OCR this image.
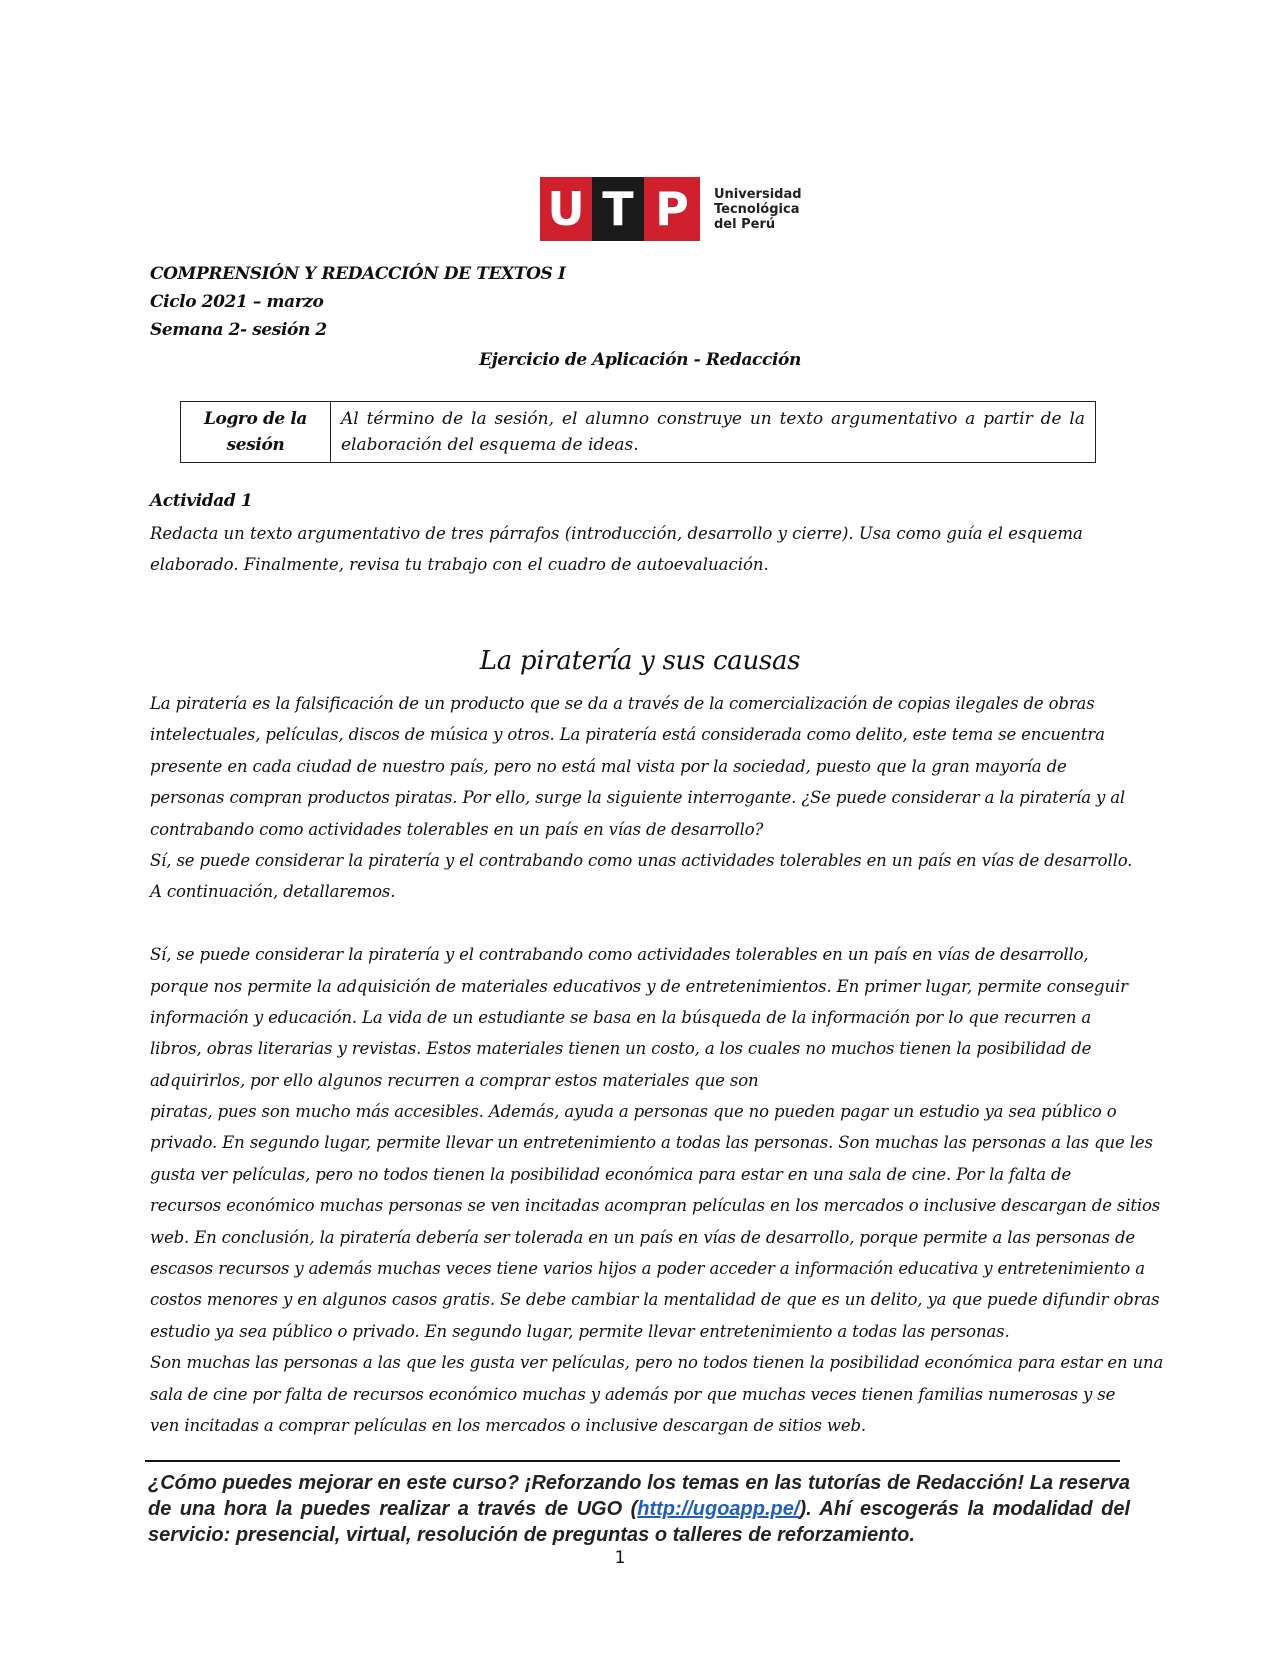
U T P	Universidad
Tecnológica
del Perú
COMPRENSIÓN Y REDACCIÓN DE TEXTOS I
Ciclo 2021 – marzo
Semana 2- sesión 2
Ejercicio de Aplicación - Redacción
Logro de la sesión	Al término de la sesión, el alumno construye un texto argumentativo a partir de la elaboración del esquema de ideas.
Actividad 1
Redacta un texto argumentativo de tres párrafos (introducción, desarrollo y cierre). Usa como guía el esquema elaborado. Finalmente, revisa tu trabajo con el cuadro de autoevaluación.
La piratería y sus causas
La piratería es la falsificación de un producto que se da a través de la comercialización de copias ilegales de obras
intelectuales, películas, discos de música y otros. La piratería está considerada como delito, este tema se encuentra
presente en cada ciudad de nuestro país, pero no está mal vista por la sociedad, puesto que la gran mayoría de
personas compran productos piratas. Por ello, surge la siguiente interrogante. ¿Se puede considerar a la piratería y al
contrabando como actividades tolerables en un país en vías de desarrollo?
Sí, se puede considerar la piratería y el contrabando como unas actividades tolerables en un país en vías de desarrollo.
A continuación, detallaremos.
Sí, se puede considerar la piratería y el contrabando como actividades tolerables en un país en vías de desarrollo,
porque nos permite la adquisición de materiales educativos y de entretenimientos. En primer lugar, permite conseguir
información y educación. La vida de un estudiante se basa en la búsqueda de la información por lo que recurren a
libros, obras literarias y revistas. Estos materiales tienen un costo, a los cuales no muchos tienen la posibilidad de
adquirirlos, por ello algunos recurren a comprar estos materiales que son
piratas, pues son mucho más accesibles. Además, ayuda a personas que no pueden pagar un estudio ya sea público o
privado. En segundo lugar, permite llevar un entretenimiento a todas las personas. Son muchas las personas a las que les
gusta ver películas, pero no todos tienen la posibilidad económica para estar en una sala de cine. Por la falta de
recursos económico muchas personas se ven incitadas acompran películas en los mercados o inclusive descargan de sitios
web. En conclusión, la piratería debería ser tolerada en un país en vías de desarrollo, porque permite a las personas de
escasos recursos y además muchas veces tiene varios hijos a poder acceder a información educativa y entretenimiento a
costos menores y en algunos casos gratis. Se debe cambiar la mentalidad de que es un delito, ya que puede difundir obras
estudio ya sea público o privado. En segundo lugar, permite llevar entretenimiento a todas las personas.
Son muchas las personas a las que les gusta ver películas, pero no todos tienen la posibilidad económica para estar en una
sala de cine por falta de recursos económico muchas y además por que muchas veces tienen familias numerosas y se
ven incitadas a comprar películas en los mercados o inclusive descargan de sitios web.
¿Cómo puedes mejorar en este curso? ¡Reforzando los temas en las tutorías de Redacción! La reserva de una hora la puedes realizar a través de UGO (http://ugoapp.pe/). Ahí escogerás la modalidad del servicio: presencial, virtual, resolución de preguntas o talleres de reforzamiento.
1
